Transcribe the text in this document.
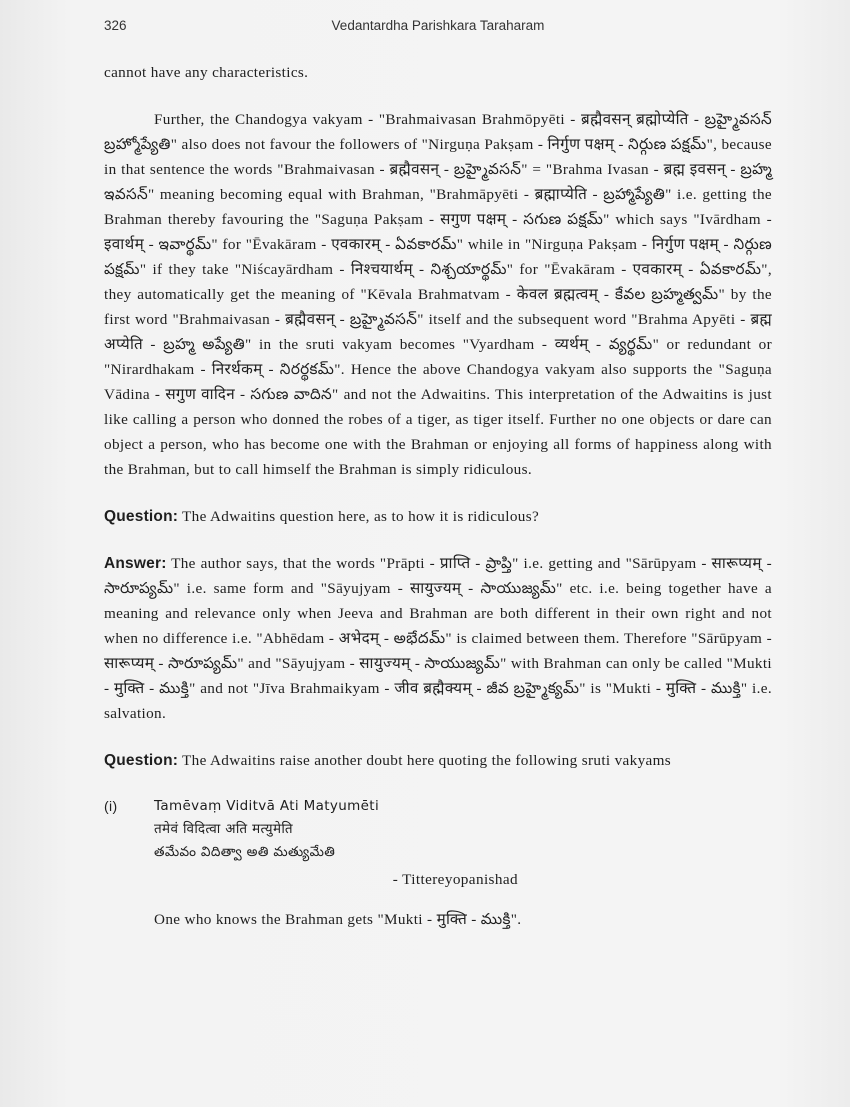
326	Vedantardha Parishkara Taraharam

cannot have any characteristics.

Further, the Chandogya vakyam - "Brahmaivasan Brahmōpyēti - ब्रह्मैवसन् ब्रह्मोप्येति - బ్రహ్మైవసన్ బ్రహ్మోప్యేతి" also does not favour the followers of "Nirguṇa Pakṣam - निर्गुण पक्षम् - నిర్గుణ పక్షమ్", because in that sentence the words "Brahmaivasan - ब्रह्मैवसन् - బ్రహ్మైవసన్" = "Brahma Ivasan - ब्रह्म इवसन् - బ్రహ్మ ఇవసన్" meaning becoming equal with Brahman, "Brahmāpyēti - ब्रह्माप्येति - బ్రహ్మాప్యేతి" i.e. getting the Brahman thereby favouring the "Saguṇa Pakṣam - सगुण पक्षम् - సగుణ పక్షమ్" which says "Ivārdham - इवार्थम् - ఇవార్థమ్" for "Ēvakāram - एवकारम् - ఏవకారమ్" while in "Nirguṇa Pakṣam - निर्गुण पक्षम् - నిర్గుణ పక్షమ్" if they take "Niścayārdham - निश्चयार्थम् - నిశ్చయార్థమ్" for "Ēvakāram - एवकारम् - ఏవకారమ్", they automatically get the meaning of "Kēvala Brahmatvam - केवल ब्रह्मत्वम् - కేవల బ్రహ్మత్వమ్" by the first word "Brahmaivasan - ब्रह्मैवसन् - బ్రహ్మైవసన్" itself and the subsequent word "Brahma Apyēti - ब्रह्म अप्येति - బ్రహ్మ అప్యేతి" in the sruti vakyam becomes "Vyardham - व्यर्थम् - వ్యర్థమ్" or redundant or "Nirardhakam - निरर्थकम् - నిరర్థకమ్". Hence the above Chandogya vakyam also supports the "Saguṇa Vādina - सगुण वादिन - సగుణ వాదిన" and not the Adwaitins. This interpretation of the Adwaitins is just like calling a person who donned the robes of a tiger, as tiger itself. Further no one objects or dare can object a person, who has become one with the Brahman or enjoying all forms of happiness along with the Brahman, but to call himself the Brahman is simply ridiculous.

Question: The Adwaitins question here, as to how it is ridiculous?

Answer: The author says, that the words "Prāpti - प्राप्ति - ప్రాప్తి" i.e. getting and "Sārūpyam - सारूप्यम् - సారూప్యమ్" i.e. same form and "Sāyujyam - सायुज्यम् - సాయుజ్యమ్" etc. i.e. being together have a meaning and relevance only when Jeeva and Brahman are both different in their own right and not when no difference i.e. "Abhēdam - अभेदम् - అభేదమ్" is claimed between them. Therefore "Sārūpyam - सारूप्यम् - సారూప్యమ్" and "Sāyujyam - सायुज्यम् - సాయుజ్యమ్" with Brahman can only be called "Mukti - मुक्ति - ముక్తి" and not "Jīva Brahmaikyam - जीव ब्रह्मैक्यम् - జీవ బ్రహ్మైక్యమ్" is "Mukti - मुक्ति - ముక్తి" i.e. salvation.

Question: The Adwaitins raise another doubt here quoting the following sruti vakyams

(i)	Tamēvaṃ Viditvā Ati Matyumēti
तमेवं विदित्वा अति मत्युमेति
తమేవం విదిత్వా అతి మత్యుమేతి
- Tittereyopanishad

One who knows the Brahman gets "Mukti - मुक्ति - ముక్తి".
